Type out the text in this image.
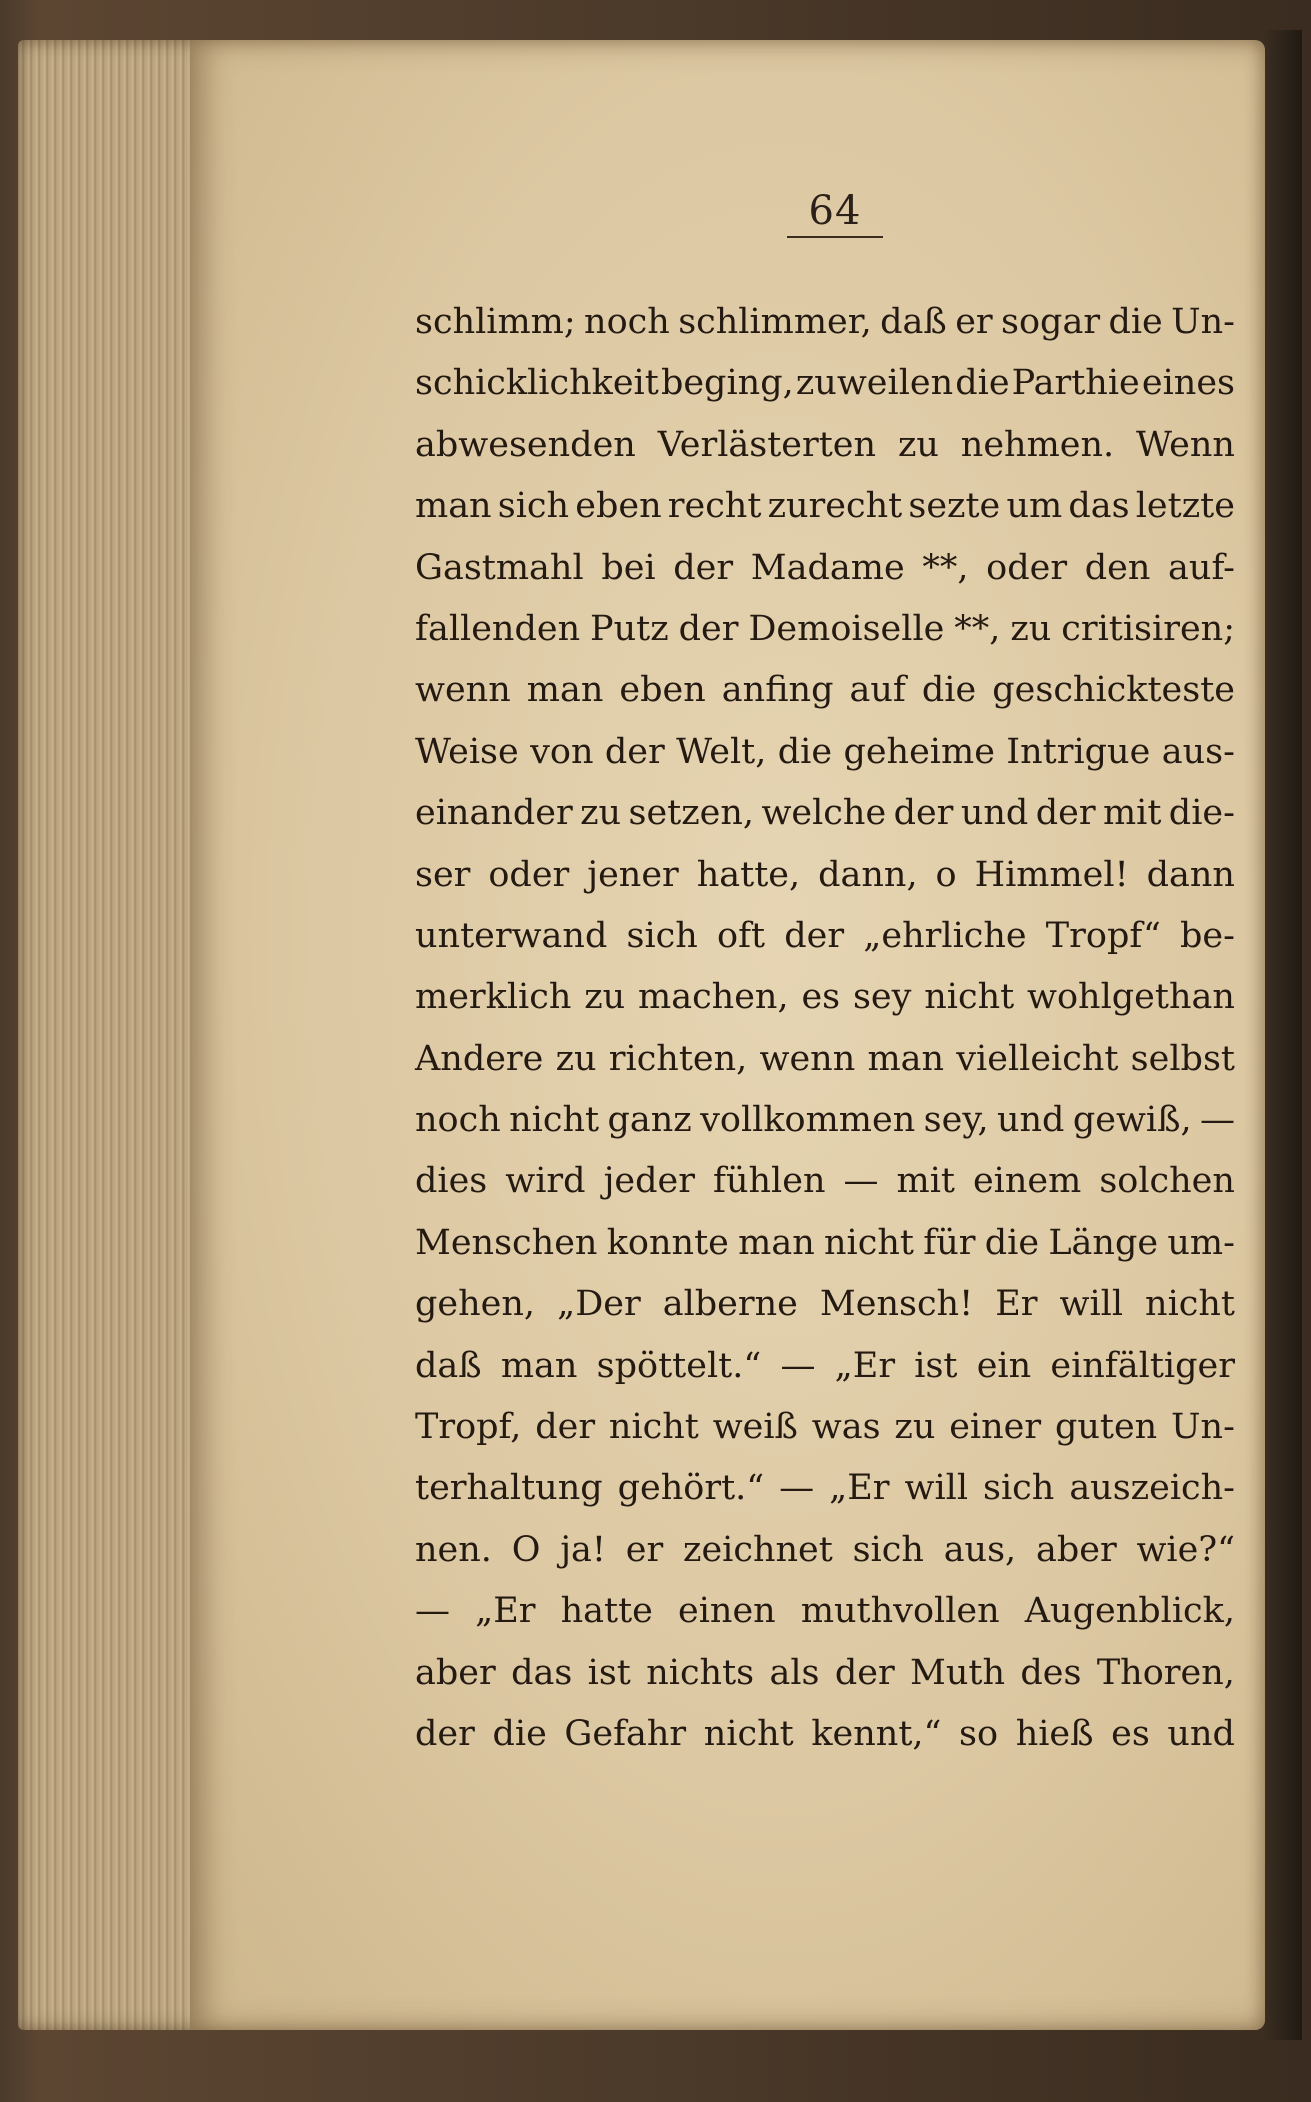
64
schlimm; noch schlimmer, daß er sogar die Un-
schicklichkeit beging, zuweilen die Parthie eines
abwesenden Verlästerten zu nehmen. Wenn
man sich eben recht zurecht sezte um das letzte
Gastmahl bei der Madame **, oder den auf-
fallenden Putz der Demoiselle **, zu critisiren;
wenn man eben anfing auf die geschickteste
Weise von der Welt, die geheime Intrigue aus-
einander zu setzen, welche der und der mit die-
ser oder jener hatte, dann, o Himmel! dann
unterwand sich oft der „ehrliche Tropf“ be-
merklich zu machen, es sey nicht wohlgethan
Andere zu richten, wenn man vielleicht selbst
noch nicht ganz vollkommen sey, und gewiß, —
dies wird jeder fühlen — mit einem solchen
Menschen konnte man nicht für die Länge um-
gehen, „Der alberne Mensch! Er will nicht
daß man spöttelt.“ — „Er ist ein einfältiger
Tropf, der nicht weiß was zu einer guten Un-
terhaltung gehört.“ — „Er will sich auszeich-
nen. O ja! er zeichnet sich aus, aber wie?“
— „Er hatte einen muthvollen Augenblick,
aber das ist nichts als der Muth des Thoren,
der die Gefahr nicht kennt,“ so hieß es und
